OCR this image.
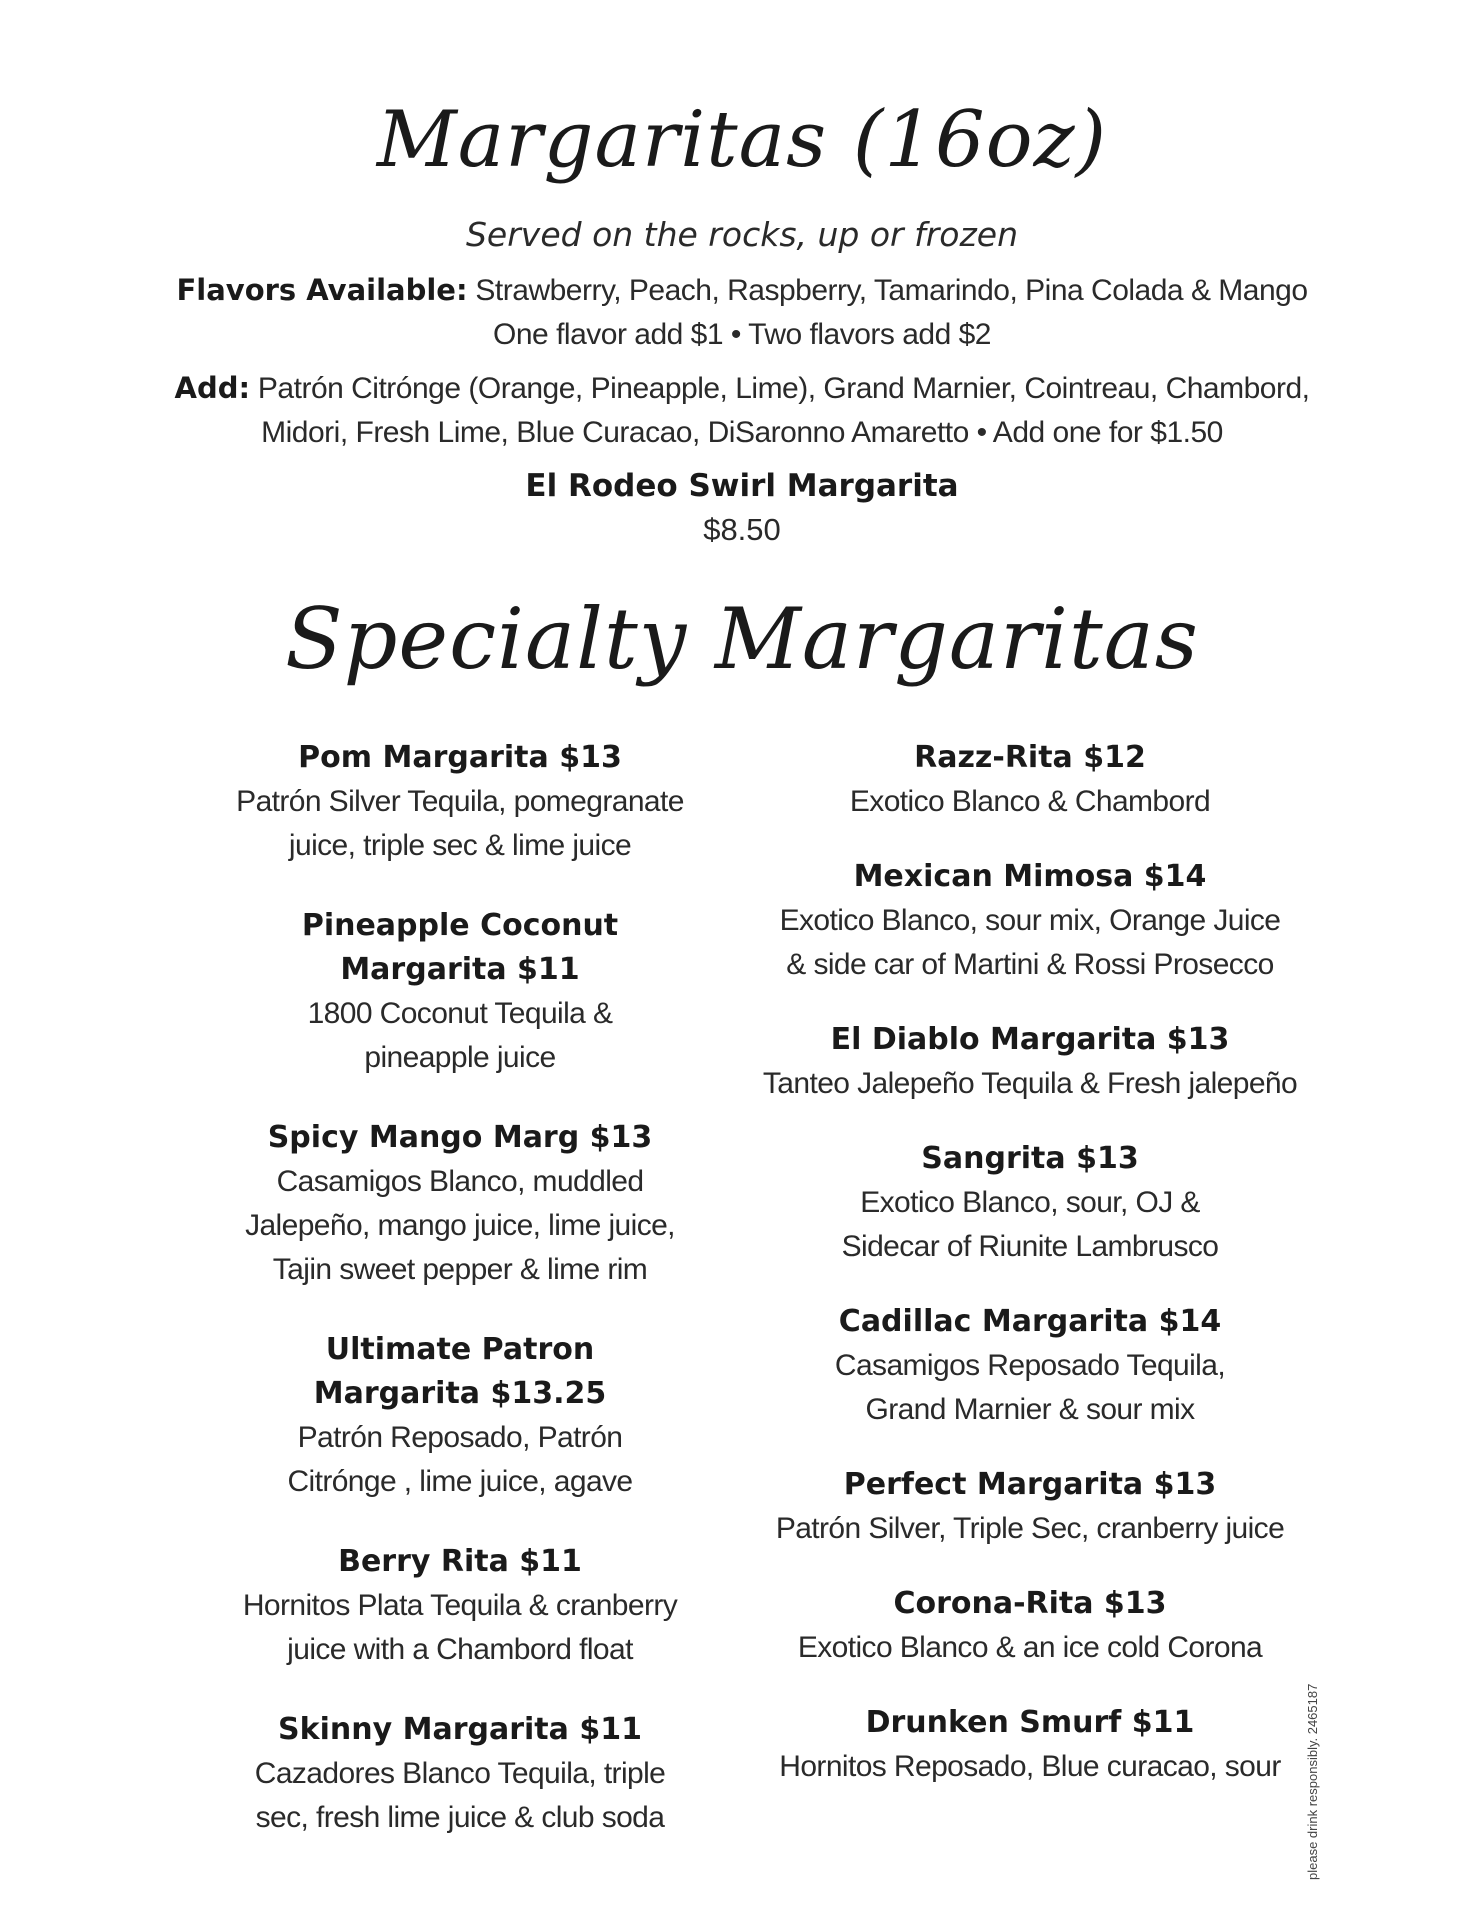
Margaritas (16oz)
Served on the rocks, up or frozen
Flavors Available: Strawberry, Peach, Raspberry, Tamarindo, Pina Colada & Mango
One flavor add $1 • Two flavors add $2
Add: Patrón Citrónge (Orange, Pineapple, Lime), Grand Marnier, Cointreau, Chambord,
Midori, Fresh Lime, Blue Curacao, DiSaronno Amaretto • Add one for $1.50
El Rodeo Swirl Margarita
$8.50
Specialty Margaritas
Pom Margarita $13
Patrón Silver Tequila, pomegranate
juice, triple sec & lime juice
Pineapple Coconut
Margarita $11
1800 Coconut Tequila &
pineapple juice
Spicy Mango Marg $13
Casamigos Blanco, muddled
Jalepeño, mango juice, lime juice,
Tajin sweet pepper & lime rim
Ultimate Patron
Margarita $13.25
Patrón Reposado, Patrón
Citrónge , lime juice, agave
Berry Rita $11
Hornitos Plata Tequila & cranberry
juice with a Chambord float
Skinny Margarita $11
Cazadores Blanco Tequila, triple
sec, fresh lime juice & club soda
Razz-Rita $12
Exotico Blanco & Chambord
Mexican Mimosa $14
Exotico Blanco, sour mix, Orange Juice
& side car of Martini & Rossi Prosecco
El Diablo Margarita $13
Tanteo Jalepeño Tequila & Fresh jalepeño
Sangrita $13
Exotico Blanco, sour, OJ &
Sidecar of Riunite Lambrusco
Cadillac Margarita $14
Casamigos Reposado Tequila,
Grand Marnier & sour mix
Perfect Margarita $13
Patrón Silver, Triple Sec, cranberry juice
Corona-Rita $13
Exotico Blanco & an ice cold Corona
Drunken Smurf $11
Hornitos Reposado, Blue curacao, sour	please drink responsibly. 2465187
